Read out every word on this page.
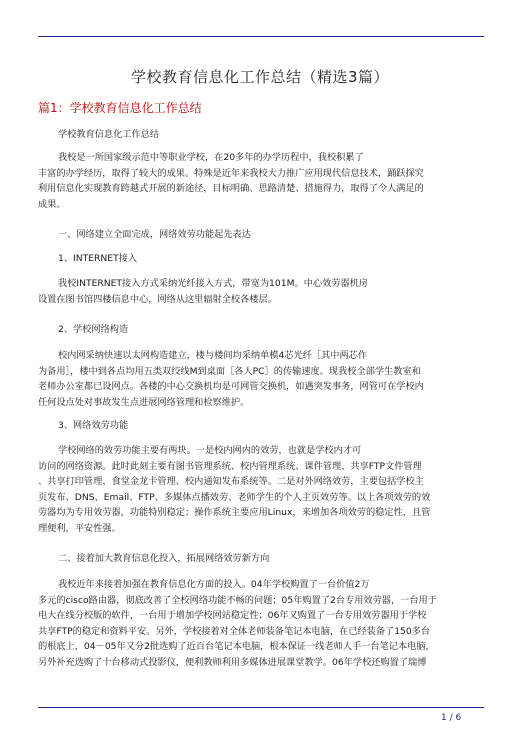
学校教育信息化工作总结（精选3篇）
篇1：学校教育信息化工作总结
学校教育信息化工作总结
我校是一所国家级示范中等职业学校，在20多年的办学历程中，我校积累了
丰富的办学经历，取得了较大的成果。特殊是近年来我校大力推广应用现代信息技术，踊跃探究
利用信息化实现教育跨越式开展的新途径，目标明确、思路清楚、措施得力，取得了令人满足的
成果。
一、网络建立全面完成，网络效劳功能起先表达
1、INTERNET接入
我校INTERNET接入方式采纳光纤接入方式，带宽为101M。中心效劳器机房
设置在图书馆四楼信息中心，网络从这里辐射全校各楼层。
2、学校网络构造
校内网采纳快速以太网构造建立，楼与楼间均采纳单模4芯光纤［其中两芯作
为备用］，楼中到各点均用五类双绞线M到桌面［各人PC］的传输速度。现我校全部学生教室和
老师办公室都已设网点。各楼的中心交换机均是可网管交换机，如遇突发事务，网管可在学校内
任何设点处对事故发生点进展网络管理和检察维护。
3、网络效劳功能
学校网络的效劳功能主要有两块。一是校内网内的效劳，也就是学校内才可
访问的网络资源。此时此刻主要有图书管理系统、校内管理系统、课件管理、共享FTP文件管理
、共享打印管理、食堂金龙卡管理、校内通知发布系统等。二是对外网络效劳，主要包括学校主
页发布、DNS、Email、FTP、多媒体点播效劳、老师学生的个人主页效劳等。以上各项效劳的效
劳器均为专用效劳器，功能特别稳定；操作系统主要应用Linux，来增加各项效劳的稳定性，且管
理便利，平安性强。
二、接着加大教育信息化投入，拓展网络效劳新方向
我校近年来接着加强在教育信息化方面的投入。04年学校购置了一台价值2万
多元的cisco路由器，彻底改善了全校网络功能不畅的问题；05年购置了2台专用效劳器，一台用于
电大在线分校版的软件，一台用于增加学校网站稳定性；06年又购置了一台专用效劳器用于学校
共享FTP的稳定和资料平安。另外，学校接着对全体老师装备笔记本电脑，在已经装备了150多台
的根底上，04－05年又分2批选购了近百台笔记本电脑，根本保证一线老师人手一台笔记本电脑，
另外补充选购了十台移动式投影仪，便利教师利用多媒体进展课堂教学。06年学校还购置了瑞博
1 / 6
